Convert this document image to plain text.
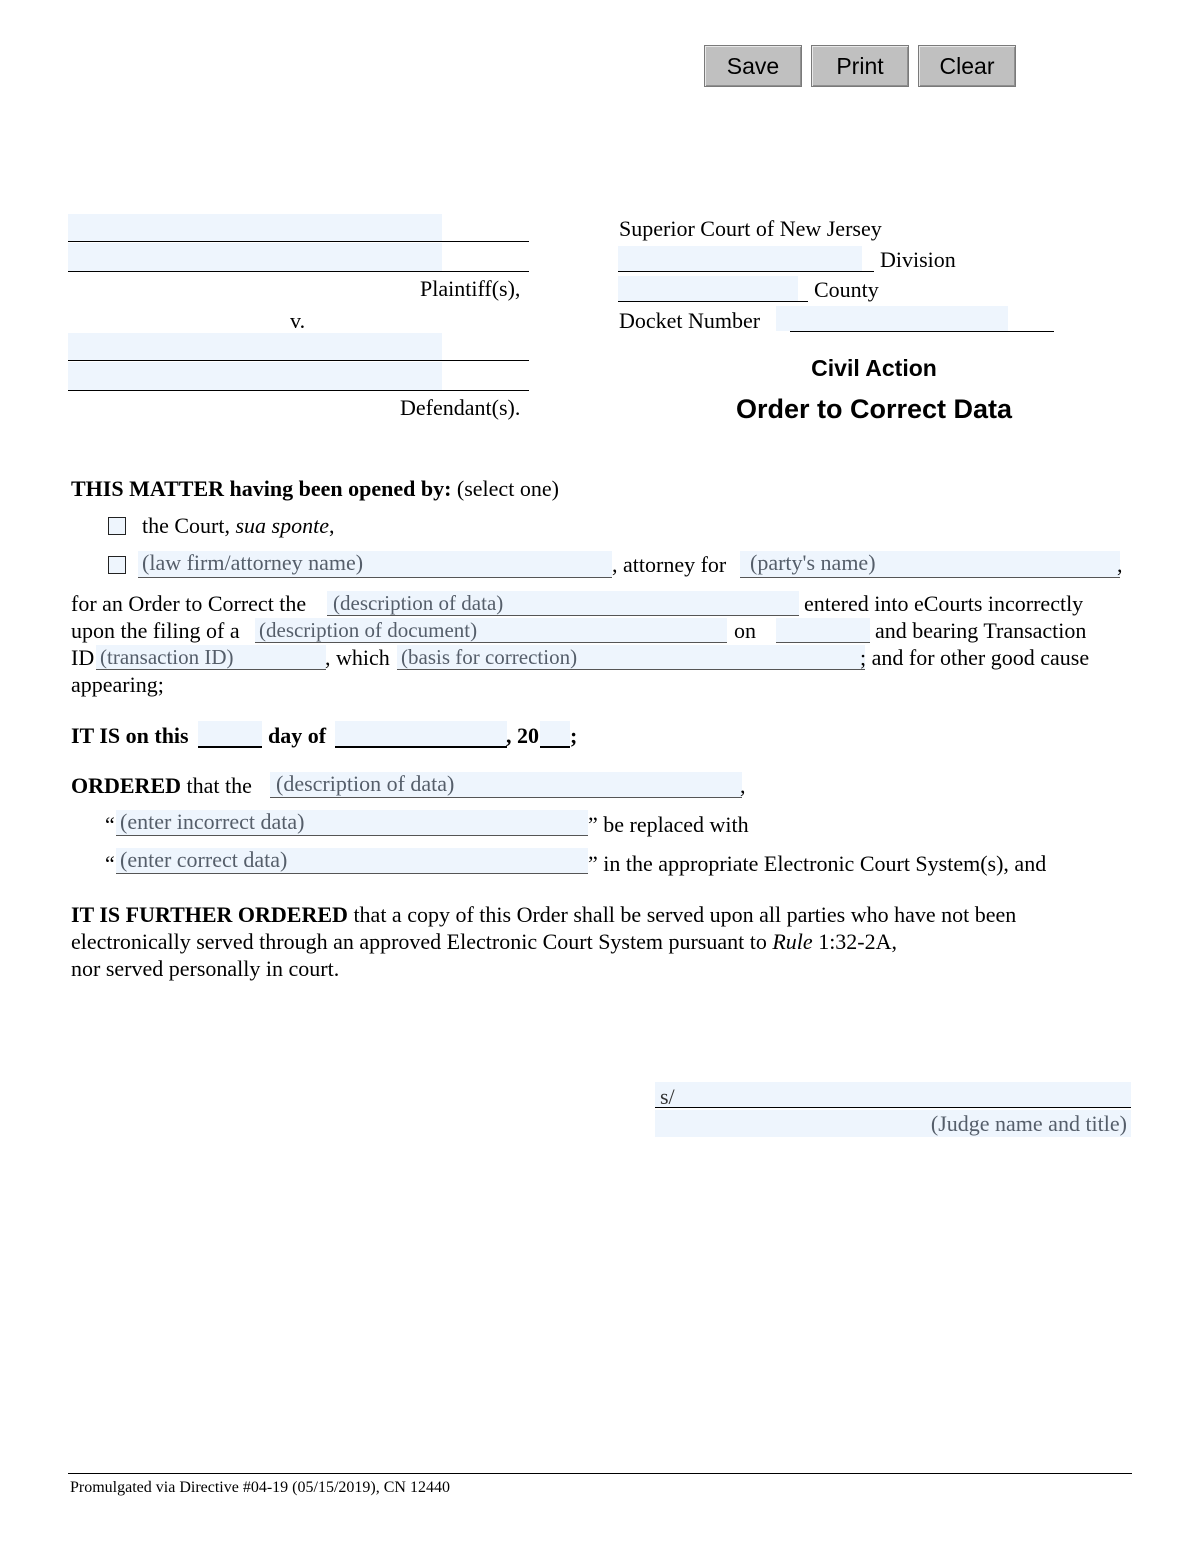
Save	Print	Clear
Plaintiff(s),
v.
Defendant(s).
Superior Court of New Jersey
Division
County
Docket Number
Civil Action
Order to Correct Data
THIS MATTER having been opened by: (select one)
the Court, sua sponte,
(law firm/attorney name)	, attorney for	(party's name)	,
for an Order to Correct the (description of data)	entered into eCourts incorrectly
upon the filing of a (description of document)	on	and bearing Transaction
ID (transaction ID)	, which (basis for correction)	; and for other good cause
appearing;
IT IS on this	day of	, 20 ;
ORDERED that the (description of data)	,
“ (enter incorrect data)	” be replaced with
“ (enter correct data)	” in the appropriate Electronic Court System(s), and
IT IS FURTHER ORDERED that a copy of this Order shall be served upon all parties who have not been
electronically served through an approved Electronic Court System pursuant to Rule 1:32-2A,
nor served personally in court.
s/
(Judge name and title)
Promulgated via Directive #04-19 (05/15/2019), CN 12440
